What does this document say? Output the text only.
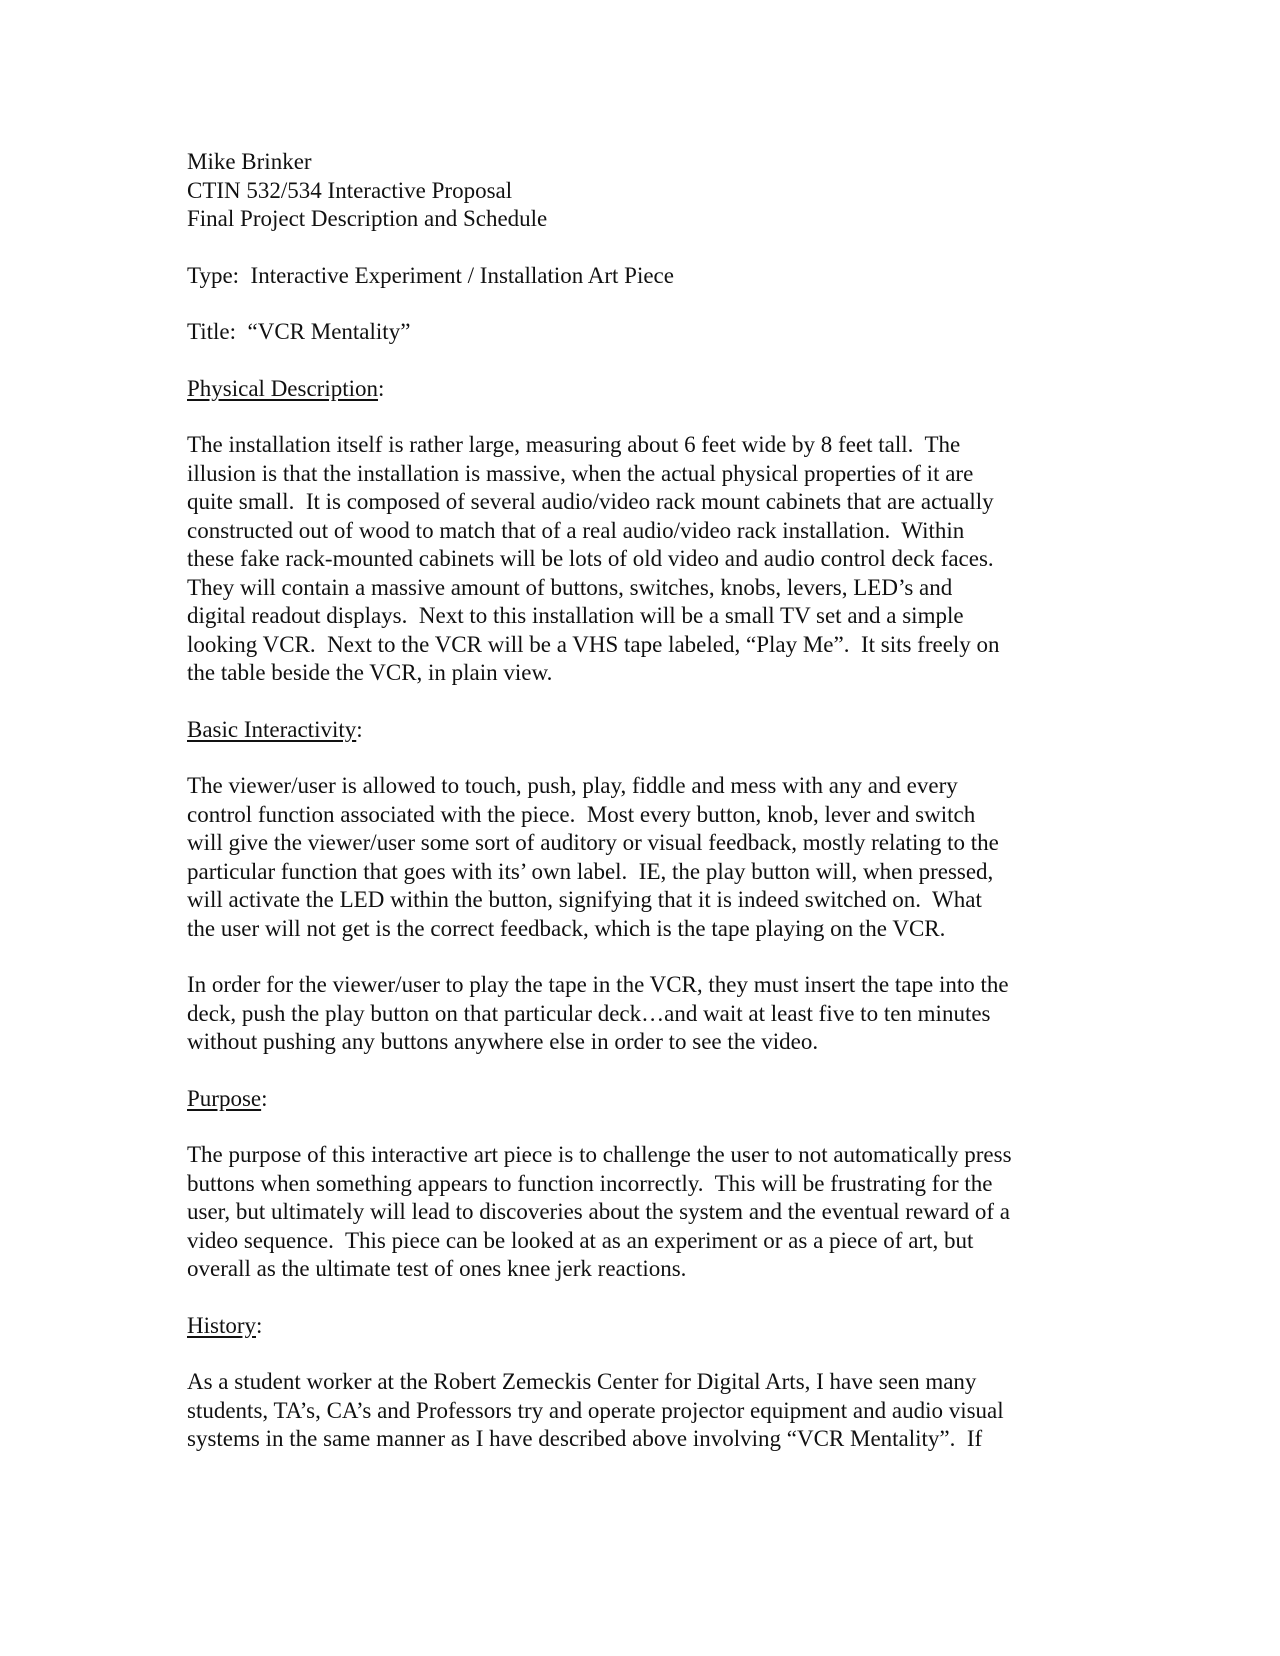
Mike Brinker
CTIN 532/534 Interactive Proposal
Final Project Description and Schedule
Type:  Interactive Experiment / Installation Art Piece
Title:  “VCR Mentality”
Physical Description:
The installation itself is rather large, measuring about 6 feet wide by 8 feet tall.  The
illusion is that the installation is massive, when the actual physical properties of it are
quite small.  It is composed of several audio/video rack mount cabinets that are actually
constructed out of wood to match that of a real audio/video rack installation.  Within
these fake rack-mounted cabinets will be lots of old video and audio control deck faces.
They will contain a massive amount of buttons, switches, knobs, levers, LED’s and
digital readout displays.  Next to this installation will be a small TV set and a simple
looking VCR.  Next to the VCR will be a VHS tape labeled, “Play Me”.  It sits freely on
the table beside the VCR, in plain view.
Basic Interactivity:
The viewer/user is allowed to touch, push, play, fiddle and mess with any and every
control function associated with the piece.  Most every button, knob, lever and switch
will give the viewer/user some sort of auditory or visual feedback, mostly relating to the
particular function that goes with its’ own label.  IE, the play button will, when pressed,
will activate the LED within the button, signifying that it is indeed switched on.  What
the user will not get is the correct feedback, which is the tape playing on the VCR.
In order for the viewer/user to play the tape in the VCR, they must insert the tape into the
deck, push the play button on that particular deck…and wait at least five to ten minutes
without pushing any buttons anywhere else in order to see the video.
Purpose:
The purpose of this interactive art piece is to challenge the user to not automatically press
buttons when something appears to function incorrectly.  This will be frustrating for the
user, but ultimately will lead to discoveries about the system and the eventual reward of a
video sequence.  This piece can be looked at as an experiment or as a piece of art, but
overall as the ultimate test of ones knee jerk reactions.
History:
As a student worker at the Robert Zemeckis Center for Digital Arts, I have seen many
students, TA’s, CA’s and Professors try and operate projector equipment and audio visual
systems in the same manner as I have described above involving “VCR Mentality”.  If
